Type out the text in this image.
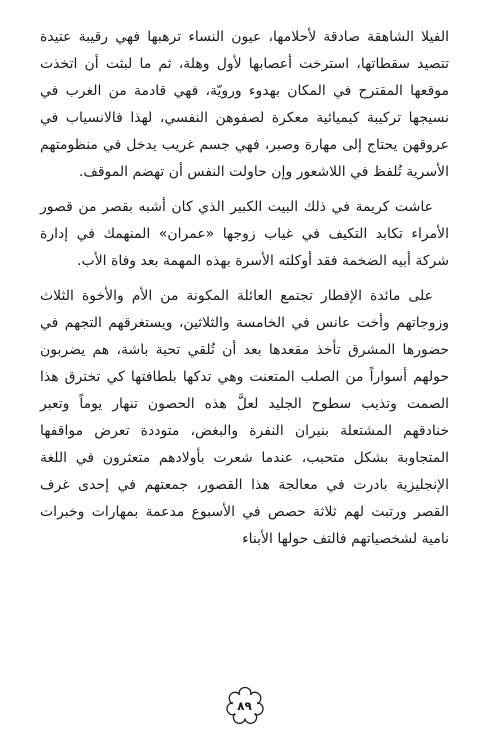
الفيلا الشاهقة صادقة لأحلامها، عيون النساء ترهبها فهي رقيبة عتيدة تتصيد سقطاتها، استرخت أعصابها لأول وهلة، ثم ما لبثت أن اتخذت موقعها المقترح في المكان بهدوء ورويّة، فهي قادمة من الغرب في نسيجها تركيبة كيميائية معكرة لصفوهن النفسي، لهذا فالانسياب في عروقهن يحتاج إلى مهارة وصبر، فهي جسم غريب يدخل في منظومتهم الأسرية تُلفظ في اللاشعور وإن حاولت النفس أن تهضم الموقف.

عاشت كريمة في ذلك البيت الكبير الذي كان أشبه بقصر من قصور الأمراء تكابد التكيف في غياب زوجها «عمران» المنهمك في إدارة شركة أبيه الضخمة فقد أوكلته الأسرة بهذه المهمة بعد وفاة الأب.

على مائدة الإفطار تجتمع العائلة المكونة من الأم والأخوة الثلاث وزوجاتهم وأخت عانس في الخامسة والثلاثين، ويستغرقهم التجهم في حضورها المشرق تأخذ مقعدها بعد أن تُلقي تحية باشة، هم يضربون حولهم أسواراً من الصلب المتعنت وهي تدكها بلطافتها كي تخترق هذا الصمت وتذيب سطوح الجليد لعلَّ هذه الحصون تنهار يوماً وتعبر خنادقهم المشتعلة بنيران النفرة والبغض، متوددة تعرض مواقفها المتجاوبة بشكل متحبب، عندما شعرت بأولادهم متعثرون في اللغة الإنجليزية بادرت في معالجة هذا القصور، جمعتهم في إحدى غرف القصر ورتبت لهم ثلاثة حصص في الأسبوع مدعمة بمهارات وخبرات نامية لشخصياتهم فالتف حولها الأبناء

٨٩
